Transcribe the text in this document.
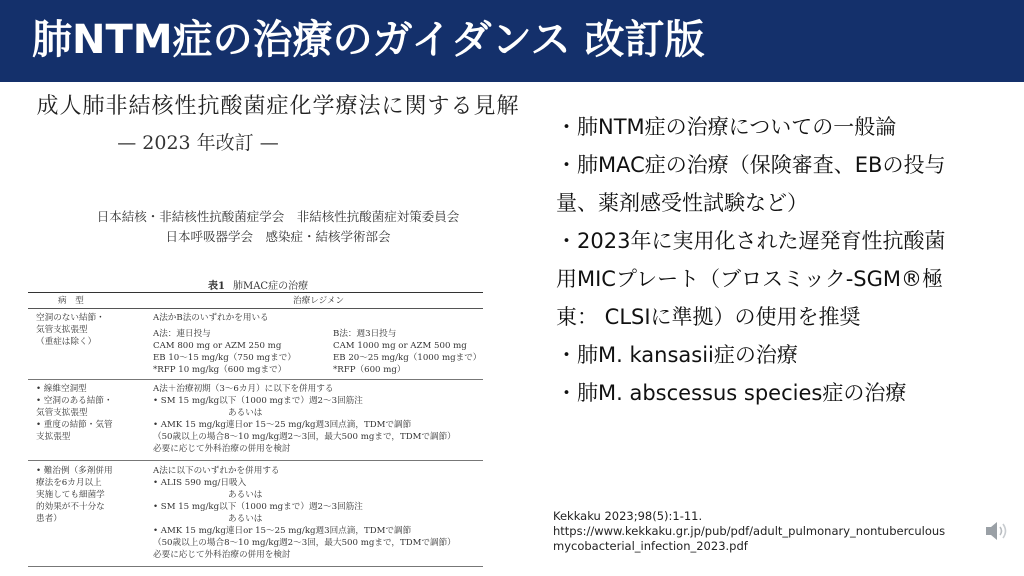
肺NTM症の治療のガイダンス 改訂版
成人肺非結核性抗酸菌症化学療法に関する見解
— 2023 年改訂 —
日本結核・非結核性抗酸菌症学会　非結核性抗酸菌症対策委員会
日本呼吸器学会　感染症・結核学術部会
表1 肺MAC症の治療
病　型	治療レジメン
空洞のない結節・
気管支拡張型
（重症は除く）
A法かB法のいずれかを用いる
A法：連日投与
CAM 800 mg or AZM 250 mg
EB 10〜15 mg/kg（750 mgまで）
*RFP 10 mg/kg（600 mgまで）
B法：週3日投与
CAM 1000 mg or AZM 500 mg
EB 20〜25 mg/kg（1000 mgまで）
*RFP（600 mg）
• 線維空洞型
• 空洞のある結節・
気管支拡張型
• 重度の結節・気管
支拡張型
A法＋治療初期（3〜6カ月）に以下を併用する
• SM 15 mg/kg以下（1000 mgまで）週2〜3回筋注
あるいは
• AMK 15 mg/kg連日or 15〜25 mg/kg週3回点滴，TDMで調節
（50歳以上の場合8〜10 mg/kg週2〜3回，最大500 mgまで，TDMで調節）
必要に応じて外科治療の併用を検討
• 難治例（多剤併用
療法を6カ月以上
実施しても細菌学
的効果が不十分な
患者）
A法に以下のいずれかを併用する
• ALIS 590 mg/日吸入
あるいは
• SM 15 mg/kg以下（1000 mgまで）週2〜3回筋注
あるいは
• AMK 15 mg/kg連日or 15〜25 mg/kg週3回点滴，TDMで調節
（50歳以上の場合8〜10 mg/kg週2〜3回，最大500 mgまで，TDMで調節）
必要に応じて外科治療の併用を検討
・肺NTM症の治療についての一般論
・肺MAC症の治療（保険審査、EBの投与
量、薬剤感受性試験など）
・2023年に実用化された遅発育性抗酸菌
用MICプレート（ブロスミック-SGM®極
東： CLSIに準拠）の使用を推奨
・肺M. kansasii症の治療
・肺M. abscessus species症の治療
Kekkaku 2023;98(5):1-11.
https://www.kekkaku.gr.jp/pub/pdf/adult_pulmonary_nontuberculous
mycobacterial_infection_2023.pdf
